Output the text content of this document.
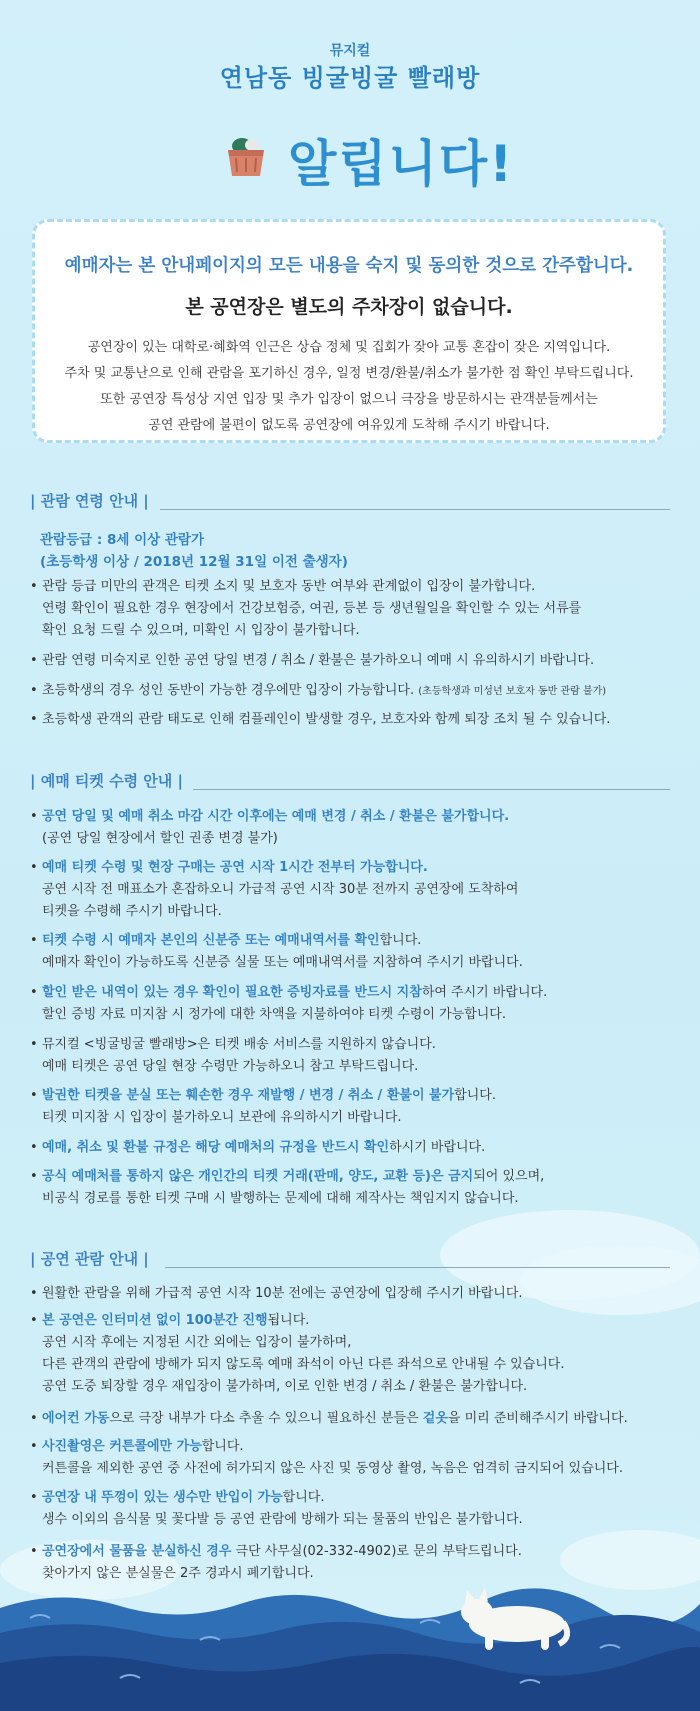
뮤지컬
연남동 빙굴빙굴 빨래방
알립니다!
예매자는 본 안내페이지의 모든 내용을 숙지 및 동의한 것으로 간주합니다.
본 공연장은 별도의 주차장이 없습니다.
공연장이 있는 대학로·혜화역 인근은 상습 정체 및 집회가 잦아 교통 혼잡이 잦은 지역입니다.
주차 및 교통난으로 인해 관람을 포기하신 경우, 일정 변경/환불/취소가 불가한 점 확인 부탁드립니다.
또한 공연장 특성상 지연 입장 및 추가 입장이 없으니 극장을 방문하시는 관객분들께서는
공연 관람에 불편이 없도록 공연장에 여유있게 도착해 주시기 바랍니다.
| 관람 연령 안내 |
관람등급 : 8세 이상 관람가
(초등학생 이상 / 2018년 12월 31일 이전 출생자)
• 관람 등급 미만의 관객은 티켓 소지 및 보호자 동반 여부와 관계없이 입장이 불가합니다.
연령 확인이 필요한 경우 현장에서 건강보험증, 여권, 등본 등 생년월일을 확인할 수 있는 서류를
확인 요청 드릴 수 있으며, 미확인 시 입장이 불가합니다.
• 관람 연령 미숙지로 인한 공연 당일 변경 / 취소 / 환불은 불가하오니 예매 시 유의하시기 바랍니다.
• 초등학생의 경우 성인 동반이 가능한 경우에만 입장이 가능합니다. (초등학생과 미성년 보호자 동반 관람 불가)
• 초등학생 관객의 관람 태도로 인해 컴플레인이 발생할 경우, 보호자와 함께 퇴장 조치 될 수 있습니다.
| 예매 티켓 수령 안내 |
• 공연 당일 및 예매 취소 마감 시간 이후에는 예매 변경 / 취소 / 환불은 불가합니다.
(공연 당일 현장에서 할인 권종 변경 불가)
• 예매 티켓 수령 및 현장 구매는 공연 시작 1시간 전부터 가능합니다.
공연 시작 전 매표소가 혼잡하오니 가급적 공연 시작 30분 전까지 공연장에 도착하여
티켓을 수령해 주시기 바랍니다.
• 티켓 수령 시 예매자 본인의 신분증 또는 예매내역서를 확인합니다.
예매자 확인이 가능하도록 신분증 실물 또는 예매내역서를 지참하여 주시기 바랍니다.
• 할인 받은 내역이 있는 경우 확인이 필요한 증빙자료를 반드시 지참하여 주시기 바랍니다.
할인 증빙 자료 미지참 시 정가에 대한 차액을 지불하여야 티켓 수령이 가능합니다.
• 뮤지컬 <빙굴빙굴 빨래방>은 티켓 배송 서비스를 지원하지 않습니다.
예매 티켓은 공연 당일 현장 수령만 가능하오니 참고 부탁드립니다.
• 발권한 티켓을 분실 또는 훼손한 경우 재발행 / 변경 / 취소 / 환불이 불가합니다.
티켓 미지참 시 입장이 불가하오니 보관에 유의하시기 바랍니다.
• 예매, 취소 및 환불 규정은 해당 예매처의 규정을 반드시 확인하시기 바랍니다.
• 공식 예매처를 통하지 않은 개인간의 티켓 거래(판매, 양도, 교환 등)은 금지되어 있으며,
비공식 경로를 통한 티켓 구매 시 발행하는 문제에 대해 제작사는 책임지지 않습니다.
| 공연 관람 안내 |
• 원활한 관람을 위해 가급적 공연 시작 10분 전에는 공연장에 입장해 주시기 바랍니다.
• 본 공연은 인터미션 없이 100분간 진행됩니다.
공연 시작 후에는 지정된 시간 외에는 입장이 불가하며,
다른 관객의 관람에 방해가 되지 않도록 예매 좌석이 아닌 다른 좌석으로 안내될 수 있습니다.
공연 도중 퇴장할 경우 재입장이 불가하며, 이로 인한 변경 / 취소 / 환불은 불가합니다.
• 에어컨 가동으로 극장 내부가 다소 추울 수 있으니 필요하신 분들은 겉옷을 미리 준비해주시기 바랍니다.
• 사진촬영은 커튼콜에만 가능합니다.
커튼콜을 제외한 공연 중 사전에 허가되지 않은 사진 및 동영상 촬영, 녹음은 엄격히 금지되어 있습니다.
• 공연장 내 뚜껑이 있는 생수만 반입이 가능합니다.
생수 이외의 음식물 및 꽃다발 등 공연 관람에 방해가 되는 물품의 반입은 불가합니다.
• 공연장에서 물품을 분실하신 경우 극단 사무실(02-332-4902)로 문의 부탁드립니다.
찾아가지 않은 분실물은 2주 경과시 폐기합니다.
